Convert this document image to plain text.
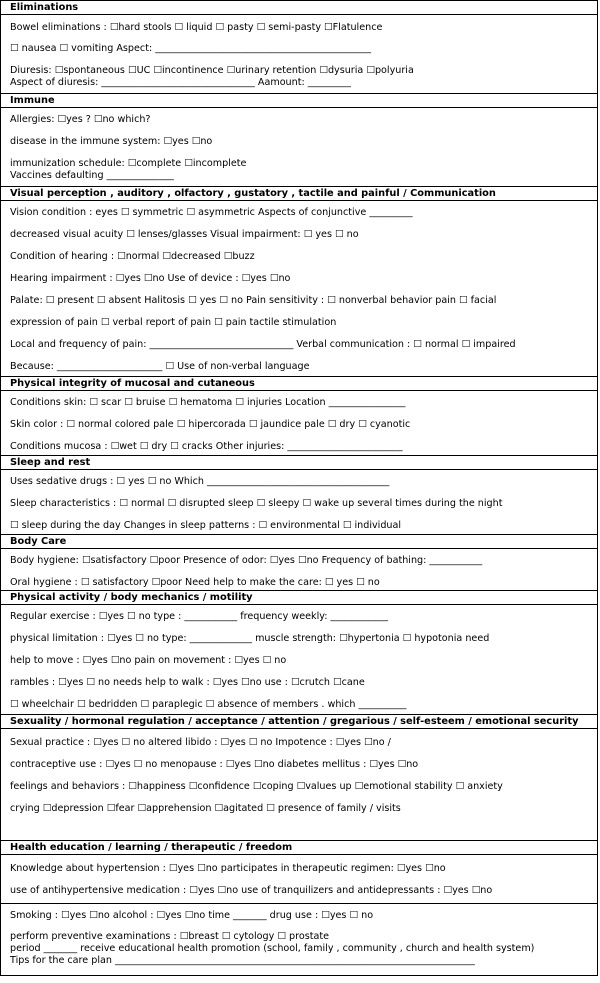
Eliminations
Bowel eliminations : ☐hard stools ☐ liquid ☐ pasty ☐ semi-pasty ☐Flatulence
☐ nausea ☐ vomiting Aspect: _____________________________________________
Diuresis: ☐spontaneous ☐UC ☐incontinence ☐urinary retention ☐dysuria ☐polyuria
Aspect of diuresis: ________________________________ Aamount: _________
Immune
Allergies: ☐yes ? ☐no which?
disease in the immune system: ☐yes ☐no
immunization schedule: ☐complete ☐incomplete
Vaccines defaulting ______________
Visual perception , auditory , olfactory , gustatory , tactile and painful / Communication
Vision condition : eyes ☐ symmetric ☐ asymmetric Aspects of conjunctive _________
decreased visual acuity ☐ lenses/glasses Visual impairment: ☐ yes ☐ no
Condition of hearing : ☐normal ☐decreased ☐buzz
Hearing impairment : ☐yes ☐no Use of device : ☐yes ☐no
Palate: ☐ present ☐ absent Halitosis ☐ yes ☐ no Pain sensitivity : ☐ nonverbal behavior pain ☐ facial
expression of pain ☐ verbal report of pain ☐ pain tactile stimulation
Local and frequency of pain: ______________________________ Verbal communication : ☐ normal ☐ impaired
Because: ______________________ ☐ Use of non-verbal language
Physical integrity of mucosal and cutaneous
Conditions skin: ☐ scar ☐ bruise ☐ hematoma ☐ injuries Location ________________
Skin color : ☐ normal colored pale ☐ hipercorada ☐ jaundice pale ☐ dry ☐ cyanotic
Conditions mucosa : ☐wet ☐ dry ☐ cracks Other injuries: ________________________
Sleep and rest
Uses sedative drugs : ☐ yes ☐ no Which ______________________________________
Sleep characteristics : ☐ normal ☐ disrupted sleep ☐ sleepy ☐ wake up several times during the night
☐ sleep during the day Changes in sleep patterns : ☐ environmental ☐ individual
Body Care
Body hygiene: ☐satisfactory ☐poor Presence of odor: ☐yes ☐no Frequency of bathing: ___________
Oral hygiene : ☐ satisfactory ☐poor Need help to make the care: ☐ yes ☐ no
Physical activity / body mechanics / motility
Regular exercise : ☐yes ☐ no type : ___________ frequency weekly: ____________
physical limitation : ☐yes ☐ no type: _____________ muscle strength: ☐hypertonia ☐ hypotonia need
help to move : ☐yes ☐no pain on movement : ☐yes ☐ no
rambles : ☐yes ☐ no needs help to walk : ☐yes ☐no use : ☐crutch ☐cane
☐ wheelchair ☐ bedridden ☐ paraplegic ☐ absence of members . which __________
Sexuality / hormonal regulation / acceptance / attention / gregarious / self-esteem / emotional security
Sexual practice : ☐yes ☐ no altered libido : ☐yes ☐ no Impotence : ☐yes ☐no /
contraceptive use : ☐yes ☐ no menopause : ☐yes ☐no diabetes mellitus : ☐yes ☐no
feelings and behaviors : ☐happiness ☐confidence ☐coping ☐values up ☐emotional stability ☐ anxiety
crying ☐depression ☐fear ☐apprehension ☐agitated ☐ presence of family / visits
Health education / learning / therapeutic / freedom
Knowledge about hypertension : ☐yes ☐no participates in therapeutic regimen: ☐yes ☐no
use of antihypertensive medication : ☐yes ☐no use of tranquilizers and antidepressants : ☐yes ☐no
Smoking : ☐yes ☐no alcohol : ☐yes ☐no time _______ drug use : ☐yes ☐ no
perform preventive examinations : ☐breast ☐ cytology ☐ prostate
period _______ receive educational health promotion (school, family , community , church and health system)
Tips for the care plan ___________________________________________________________________________
